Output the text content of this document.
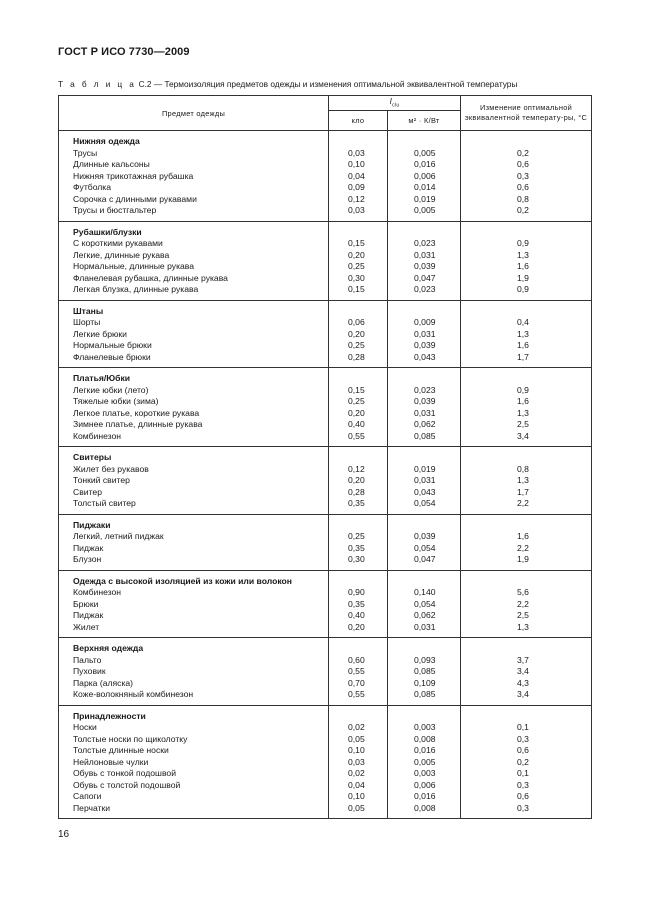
ГОСТ Р ИСО 7730—2009
Т а б л и ц а C.2 — Термоизоляция предметов одежды и изменения оптимальной эквивалентной температуры
Предмет одежды	$I_{clu}$		Изменение оптимальной эквивалентной температу-ры, °С
	кло	м² · К/Вт	
Нижняя одежда			
Трусы	0,03	0,005	0,2
Длинные кальсоны	0,10	0,016	0,6
Нижняя трикотажная рубашка	0,04	0,006	0,3
Футболка	0,09	0,014	0,6
Сорочка с длинными рукавами	0,12	0,019	0,8
Трусы и бюстгальтер	0,03	0,005	0,2
Рубашки/блузки			
С короткими рукавами	0,15	0,023	0,9
Легкие, длинные рукава	0,20	0,031	1,3
Нормальные, длинные рукава	0,25	0,039	1,6
Фланелевая рубашка, длинные рукава	0,30	0,047	1,9
Легкая блузка, длинные рукава	0,15	0,023	0,9
Штаны			
Шорты	0,06	0,009	0,4
Легкие брюки	0,20	0,031	1,3
Нормальные брюки	0,25	0,039	1,6
Фланелевые брюки	0,28	0,043	1,7
Платья/Юбки			
Легкие юбки (лето)	0,15	0,023	0,9
Тяжелые юбки (зима)	0,25	0,039	1,6
Легкое платье, короткие рукава	0,20	0,031	1,3
Зимнее платье, длинные рукава	0,40	0,062	2,5
Комбинезон	0,55	0,085	3,4
Свитеры			
Жилет без рукавов	0,12	0,019	0,8
Тонкий свитер	0,20	0,031	1,3
Свитер	0,28	0,043	1,7
Толстый свитер	0,35	0,054	2,2
Пиджаки			
Легкий, летний пиджак	0,25	0,039	1,6
Пиджак	0,35	0,054	2,2
Блузон	0,30	0,047	1,9
Одежда с высокой изоляцией из кожи или волокон			
Комбинезон	0,90	0,140	5,6
Брюки	0,35	0,054	2,2
Пиджак	0,40	0,062	2,5
Жилет	0,20	0,031	1,3
Верхняя одежда			
Пальто	0,60	0,093	3,7
Пуховик	0,55	0,085	3,4
Парка (аляска)	0,70	0,109	4,3
Коже-волокняный комбинезон	0,55	0,085	3,4
Принадлежности			
Носки	0,02	0,003	0,1
Толстые носки по щиколотку	0,05	0,008	0,3
Толстые длинные носки	0,10	0,016	0,6
Нейлоновые чулки	0,03	0,005	0,2
Обувь с тонкой подошвой	0,02	0,003	0,1
Обувь с толстой подошвой	0,04	0,006	0,3
Сапоги	0,10	0,016	0,6
Перчатки	0,05	0,008	0,3
16
